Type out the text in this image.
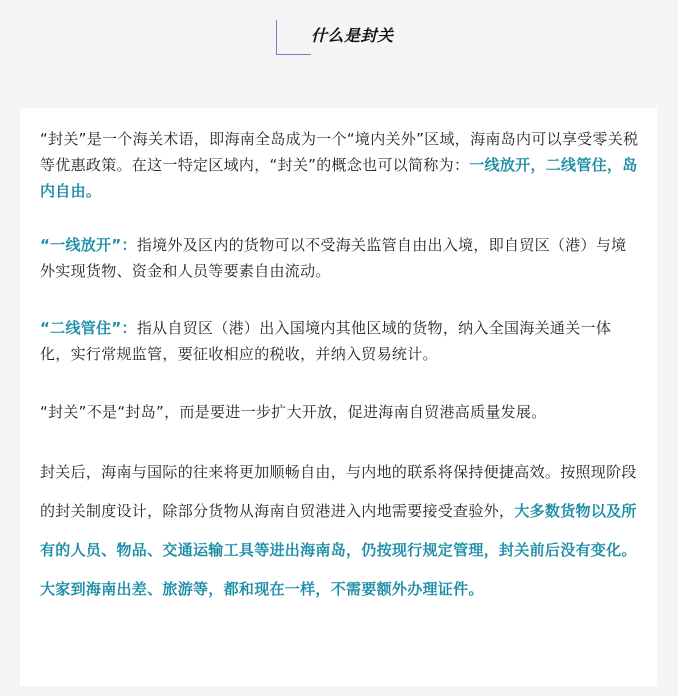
什么是封关

“封关”是一个海关术语，即海南全岛成为一个“境内关外”区域，海南岛内可以享受零关税等优惠政策。在这一特定区域内，“封关”的概念也可以简称为：一线放开，二线管住，岛内自由。

“一线放开”：指境外及区内的货物可以不受海关监管自由出入境，即自贸区（港）与境外实现货物、资金和人员等要素自由流动。

“二线管住”：指从自贸区（港）出入国境内其他区域的货物，纳入全国海关通关一体化，实行常规监管，要征收相应的税收，并纳入贸易统计。

“封关”不是“封岛”，而是要进一步扩大开放，促进海南自贸港高质量发展。

封关后，海南与国际的往来将更加顺畅自由，与内地的联系将保持便捷高效。按照现阶段的封关制度设计，除部分货物从海南自贸港进入内地需要接受查验外，大多数货物以及所有的人员、物品、交通运输工具等进出海南岛，仍按现行规定管理，封关前后没有变化。大家到海南出差、旅游等，都和现在一样，不需要额外办理证件。
